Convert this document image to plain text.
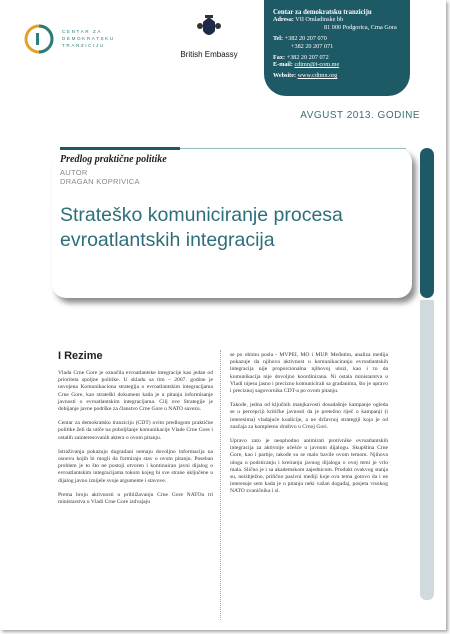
CENTAR ZA
DEMOKRATSKU
TRANZICIJU
British Embassy
Centar za demokratsku tranziciju
Adresa: VII Omladinske bb
81 000 Podgorica, Crna Gora
Tel: +382 20 207 070
+382 20 207 071
Fax: +382 20 207 072
E-mail: cdtmn@t-com.me
Website: www.cdtmn.org
AVGUST 2013. GODINE
Predlog praktične politike
AUTOR
DRAGAN KOPRIVICA
Strateško komuniciranje procesa evroatlantskih integracija
I Rezime

Vlada Crne Gore je označila evroatlantske integracije kao jedan od prioriteta spoljne politike. U skladu sa tim – 2007. godine je usvojena Komunikaciona strategija o evroatlantskim integracijama Crne Gore, kao strateški dokument kada je u pitanju informisanje javnosti o evroatlantskim integracijama. Cilj ove Strategije je dobijanje javne podrške za članstvo Crne Gore u NATO savezu.

Centar za demokratsku tranziciju (CDT) ovim predlogom praktične politike želi da utiče na poboljšanje komunikacije Vlade Crne Gore i ostalih zainteresovanih aktera o ovom pitanju.

Istraživanja pokazuju dugradani nemaju dovoljno informacija na osnovu kojih bi mogli da formiraju stav o ovom pitanju. Poseban problem je to što ne postoji otvoren i kontinuiran javni dijalog o evroatlantskim integracijama tokom kojeg bi sve strane uključene u dijalog javno iznijele svoje argumente i stavove.

Prema broju aktivnosti u približavanju Crne Gore NATOu tri ministarstva u Vladi Crne Gore izdvajaju

se po obimu posla - MVPEI, MO i MUP. Međutim, analiza medija pokazuje da njihova aktivnost u komunikaciranju evroatlantskih integracija nije proporcionalna njihovoj ulozi, kao i to da komunikacija nije dovoljno koordinirana. Ni ostala ministarstva u Vladi nijesu jasno i precizno komunicirali sa građanima, što je upravo i preciznoj sagovornika CDT-a po ovom pitanju.

Takođe, jedna od ključnih manjkavosti dosadašnje kampanje ogleda se u percepciji kritičke javnosti da je pretežno riječ o kampanji (i interesima) vladajuće koalicije, a ne državnoj strategiji koja je od značaja za kompletno društvo u Crnoj Gori.

Upravo zato je neophodno animirati protivnike evroatlantskih integracija za aktivnije učešće u javnom dijalogu. Skupština Crne Gore, kao i partije, takođe su se malo bavile ovom temom. Njihova uloga u podsticanju i kreiranju javnog dijaloga o ovoj temi je vrlo mala. Slično je i sa akademskom zajednicom. Produkt ovakvog stanja su, neizbježno, prilično pasivni mediji koje ova tema gotovo da i ne interesuje sem kada je u pitanju neki važan događaj, posjeta visokog NATO zvaničnika i sl.
